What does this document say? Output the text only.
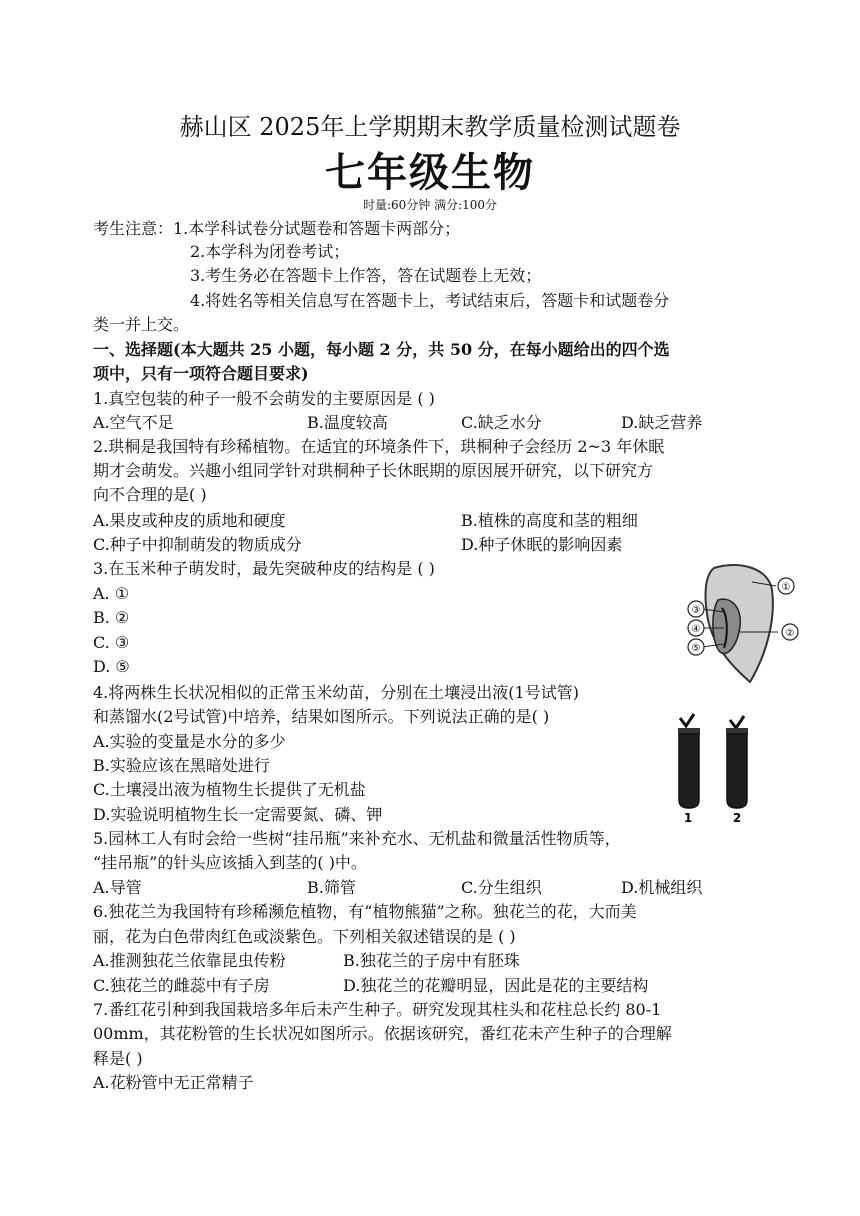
赫山区 2025年上学期期末教学质量检测试题卷
七年级生物
时量:60分钟 满分:100分
考生注意：1.本学科试卷分试题卷和答题卡两部分；
2.本学科为闭卷考试；
3.考生务必在答题卡上作答，答在试题卷上无效；
4.将姓名等相关信息写在答题卡上，考试结束后，答题卡和试题卷分
类一并上交。
一、选择题(本大题共 25 小题，每小题 2 分，共 50 分，在每小题给出的四个选
项中，只有一项符合题目要求)
1.真空包装的种子一般不会萌发的主要原因是 ( )
A.空气不足	B.温度较高	C.缺乏水分	D.缺乏营养
2.珙桐是我国特有珍稀植物。在适宜的环境条件下，珙桐种子会经历 2~3 年休眠
期才会萌发。兴趣小组同学针对珙桐种子长休眠期的原因展开研究，以下研究方
向不合理的是( )
A.果皮或种皮的质地和硬度	B.植株的高度和茎的粗细
C.种子中抑制萌发的物质成分	D.种子休眠的影响因素
3.在玉米种子萌发时，最先突破种皮的结构是 ( )
A. ①
B. ②
C. ③
D. ⑤
①
②
③
④
⑤
4.将两株生长状况相似的正常玉米幼苗，分别在土壤浸出液(1号试管)
和蒸馏水(2号试管)中培养，结果如图所示。下列说法正确的是( )
A.实验的变量是水分的多少
B.实验应该在黑暗处进行
C.土壤浸出液为植物生长提供了无机盐
D.实验说明植物生长一定需要氮、磷、钾	1	2
5.园林工人有时会给一些树“挂吊瓶”来补充水、无机盐和微量活性物质等，
“挂吊瓶”的针头应该插入到茎的( )中。
A.导管	B.筛管	C.分生组织	D.机械组织
6.独花兰为我国特有珍稀濒危植物，有“植物熊猫”之称。独花兰的花，大而美
丽，花为白色带肉红色或淡紫色。下列相关叙述错误的是 ( )
A.推测独花兰依靠昆虫传粉	B.独花兰的子房中有胚珠
C.独花兰的雌蕊中有子房	D.独花兰的花瓣明显，因此是花的主要结构
7.番红花引种到我国栽培多年后未产生种子。研究发现其柱头和花柱总长约 80-1
00mm，其花粉管的生长状况如图所示。依据该研究，番红花未产生种子的合理解
释是( )
A.花粉管中无正常精子
